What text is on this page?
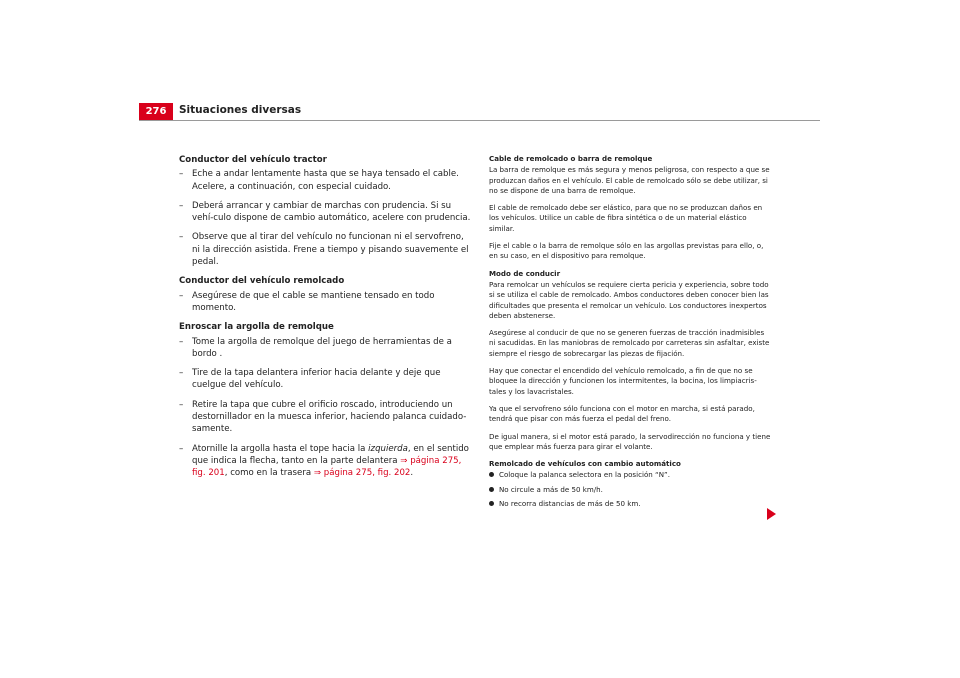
276	Situaciones diversas
Conductor del vehículo tractor
– Eche a andar lentamente hasta que se haya tensado el cable. Acelere, a continuación, con especial cuidado.
– Deberá arrancar y cambiar de marchas con prudencia. Si su vehí-culo dispone de cambio automático, acelere con prudencia.
– Observe que al tirar del vehículo no funcionan ni el servofreno, ni la dirección asistida. Frene a tiempo y pisando suavemente el pedal.
Conductor del vehículo remolcado
– Asegúrese de que el cable se mantiene tensado en todo momento.
Enroscar la argolla de remolque
– Tome la argolla de remolque del juego de herramientas de a bordo .
– Tire de la tapa delantera inferior hacia delante y deje que cuelgue del vehículo.
– Retire la tapa que cubre el orificio roscado, introduciendo un destornillador en la muesca inferior, haciendo palanca cuidado-samente.
– Atornille la argolla hasta el tope hacia la izquierda, en el sentido que indica la flecha, tanto en la parte delantera ⇒ página 275, fig. 201, como en la trasera ⇒ página 275, fig. 202.
Cable de remolcado o barra de remolque
La barra de remolque es más segura y menos peligrosa, con respecto a que se produzcan daños en el vehículo. El cable de remolcado sólo se debe utilizar, si no se dispone de una barra de remolque.
El cable de remolcado debe ser elástico, para que no se produzcan daños en los vehículos. Utilice un cable de fibra sintética o de un material elástico similar.
Fije el cable o la barra de remolque sólo en las argollas previstas para ello, o, en su caso, en el dispositivo para remolque.
Modo de conducir
Para remolcar un vehículos se requiere cierta pericia y experiencia, sobre todo si se utiliza el cable de remolcado. Ambos conductores deben conocer bien las dificultades que presenta el remolcar un vehículo. Los conductores inexpertos deben abstenerse.
Asegúrese al conducir de que no se generen fuerzas de tracción inadmisibles ni sacudidas. En las maniobras de remolcado por carreteras sin asfaltar, existe siempre el riesgo de sobrecargar las piezas de fijación.
Hay que conectar el encendido del vehículo remolcado, a fin de que no se bloquee la dirección y funcionen los intermitentes, la bocina, los limpiacris-tales y los lavacristales.
Ya que el servofreno sólo funciona con el motor en marcha, si está parado, tendrá que pisar con más fuerza el pedal del freno.
De igual manera, si el motor está parado, la servodirección no funciona y tiene que emplear más fuerza para girar el volante.
Remolcado de vehículos con cambio automático
Coloque la palanca selectora en la posición “N”.
No circule a más de 50 km/h.
No recorra distancias de más de 50 km.
